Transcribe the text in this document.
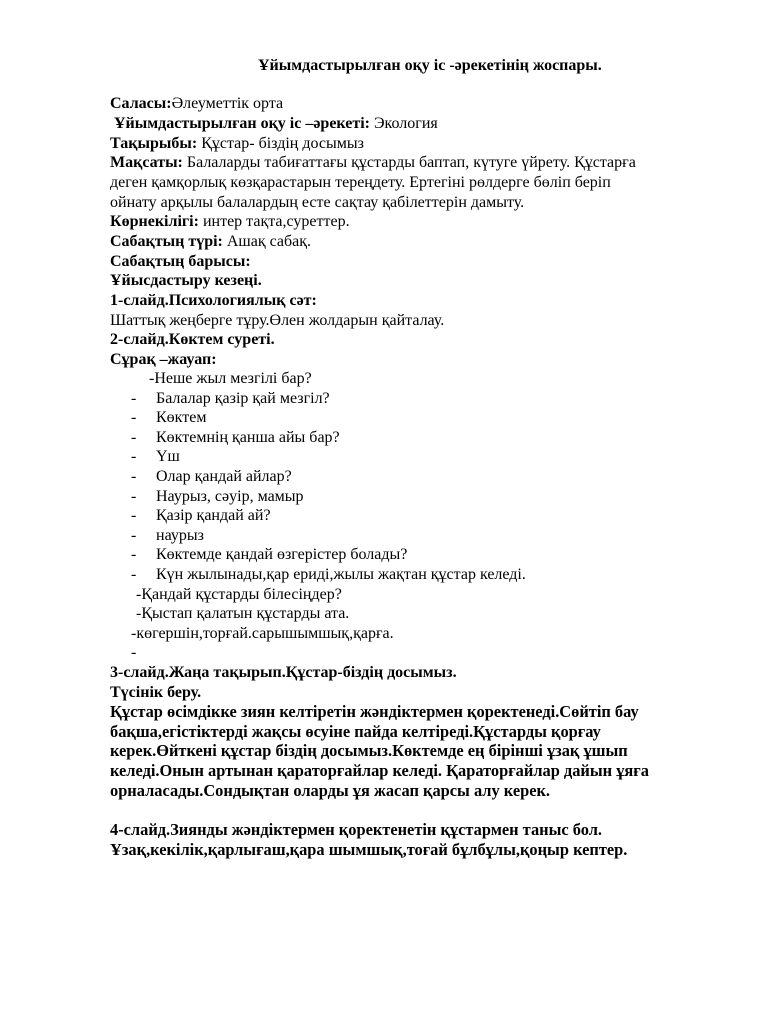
Ұйымдастырылған оқу іс -әрекетінің жоспары.
Саласы:Әлеуметтік орта
Ұйымдастырылған оқу іс –әрекеті: Экология
Тақырыбы: Құстар- біздің досымыз
Мақсаты: Балаларды табиғаттағы құстарды баптап, күтуге үйрету. Құстарға
деген қамқорлық көзқарастарын тереңдету. Ертегіні рөлдерге бөліп беріп
ойнату арқылы балалардың есте сақтау қабілеттерін дамыту.
Көрнекілігі: интер тақта,суреттер.
Сабақтың түрі: Ашақ сабақ.
Сабақтың барысы:
Ұйысдастыру кезеңі.
1-слайд.Психологиялық сәт:
Шаттық жеңберге тұру.Өлен жолдарын қайталау.
2-слайд.Көктем суреті.
Сұрақ –жауап:
-Неше жыл мезгілі бар?
- Балалар қазір қай мезгіл?
- Көктем
- Көктемнің қанша айы бар?
- Үш
- Олар қандай айлар?
- Наурыз, сәуір, мамыр
- Қазір қандай ай?
- наурыз
- Көктемде қандай өзгерістер болады?
- Күн жылынады,қар ериді,жылы жақтан құстар келеді.
-Қандай құстарды білесіңдер?
-Қыстап қалатын құстарды ата.
-көгершін,торғай.сарышымшық,қарға.
-
3-слайд.Жаңа тақырып.Құстар-біздің досымыз.
Түсінік беру.
Құстар өсімдікке зиян келтіретін жәндіктермен қоректенеді.Сөйтіп бау
бақша,егістіктерді жақсы өсуіне пайда келтіреді.Құстарды қорғау
керек.Өйткені құстар біздің досымыз.Көктемде ең бірінші ұзақ ұшып
келеді.Онын артынан қараторғайлар келеді. Қараторғайлар дайын ұяға
орналасады.Сондықтан оларды ұя жасап қарсы алу керек.
4-слайд.Зиянды жәндіктермен қоректенетін құстармен таныс бол.
Ұзақ,кекілік,қарлығаш,қара шымшық,тоғай бұлбұлы,қоңыр кептер.
